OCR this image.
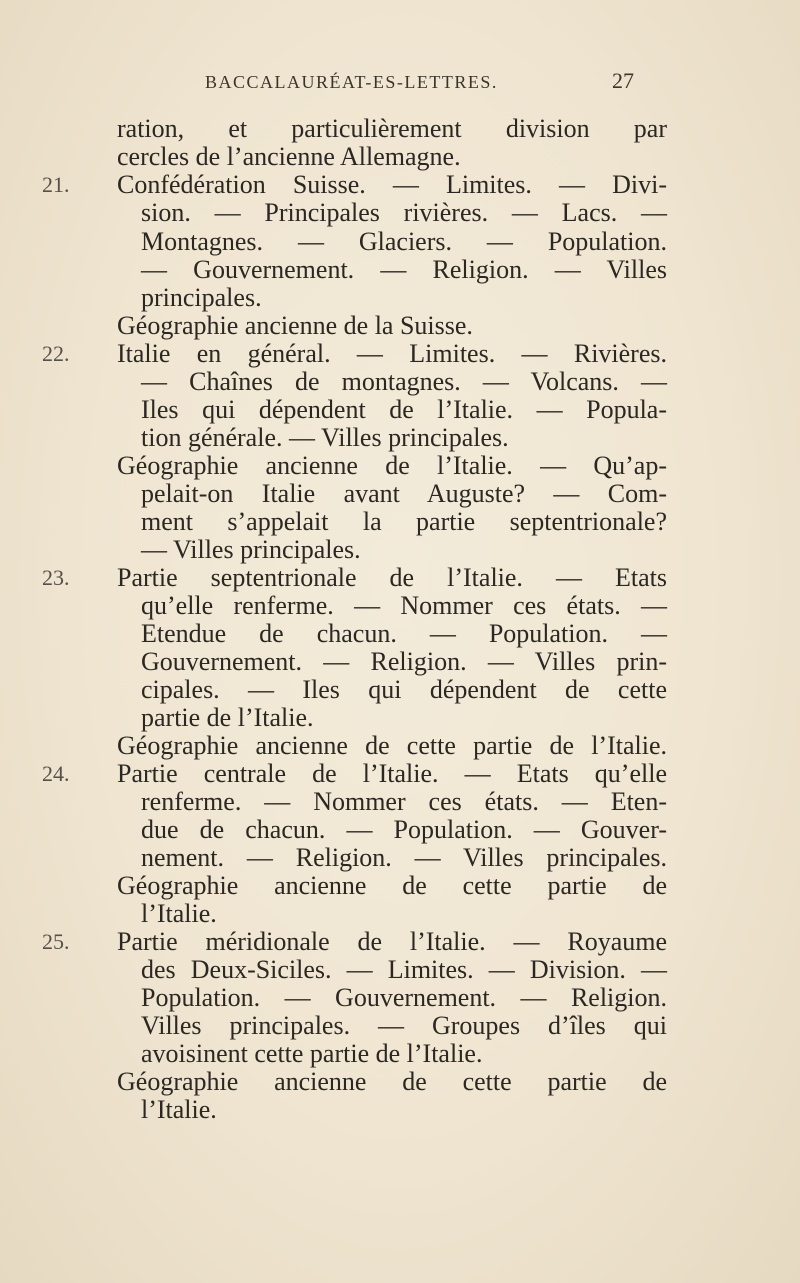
BACCALAURÉAT-ES-LETTRES.	27
ration, et particulièrement division par
cercles de l’ancienne Allemagne.
21. Confédération Suisse. — Limites. — Divi-
sion. — Principales rivières. — Lacs. —
Montagnes. — Glaciers. — Population.
— Gouvernement. — Religion. — Villes
principales.
Géographie ancienne de la Suisse.
22. Italie en général. — Limites. — Rivières.
— Chaînes de montagnes. — Volcans. —
Iles qui dépendent de l’Italie. — Popula-
tion générale. — Villes principales.
Géographie ancienne de l’Italie. — Qu’ap-
pelait-on Italie avant Auguste? — Com-
ment s’appelait la partie septentrionale?
— Villes principales.
23. Partie septentrionale de l’Italie. — Etats
qu’elle renferme. — Nommer ces états. —
Etendue de chacun. — Population. —
Gouvernement. — Religion. — Villes prin-
cipales. — Iles qui dépendent de cette
partie de l’Italie.
Géographie ancienne de cette partie de l’Italie.
24. Partie centrale de l’Italie. — Etats qu’elle
renferme. — Nommer ces états. — Eten-
due de chacun. — Population. — Gouver-
nement. — Religion. — Villes principales.
Géographie ancienne de cette partie de
l’Italie.
25. Partie méridionale de l’Italie. — Royaume
des Deux-Siciles. — Limites. — Division. —
Population. — Gouvernement. — Religion.
Villes principales. — Groupes d’îles qui
avoisinent cette partie de l’Italie.
Géographie ancienne de cette partie de
l’Italie.
